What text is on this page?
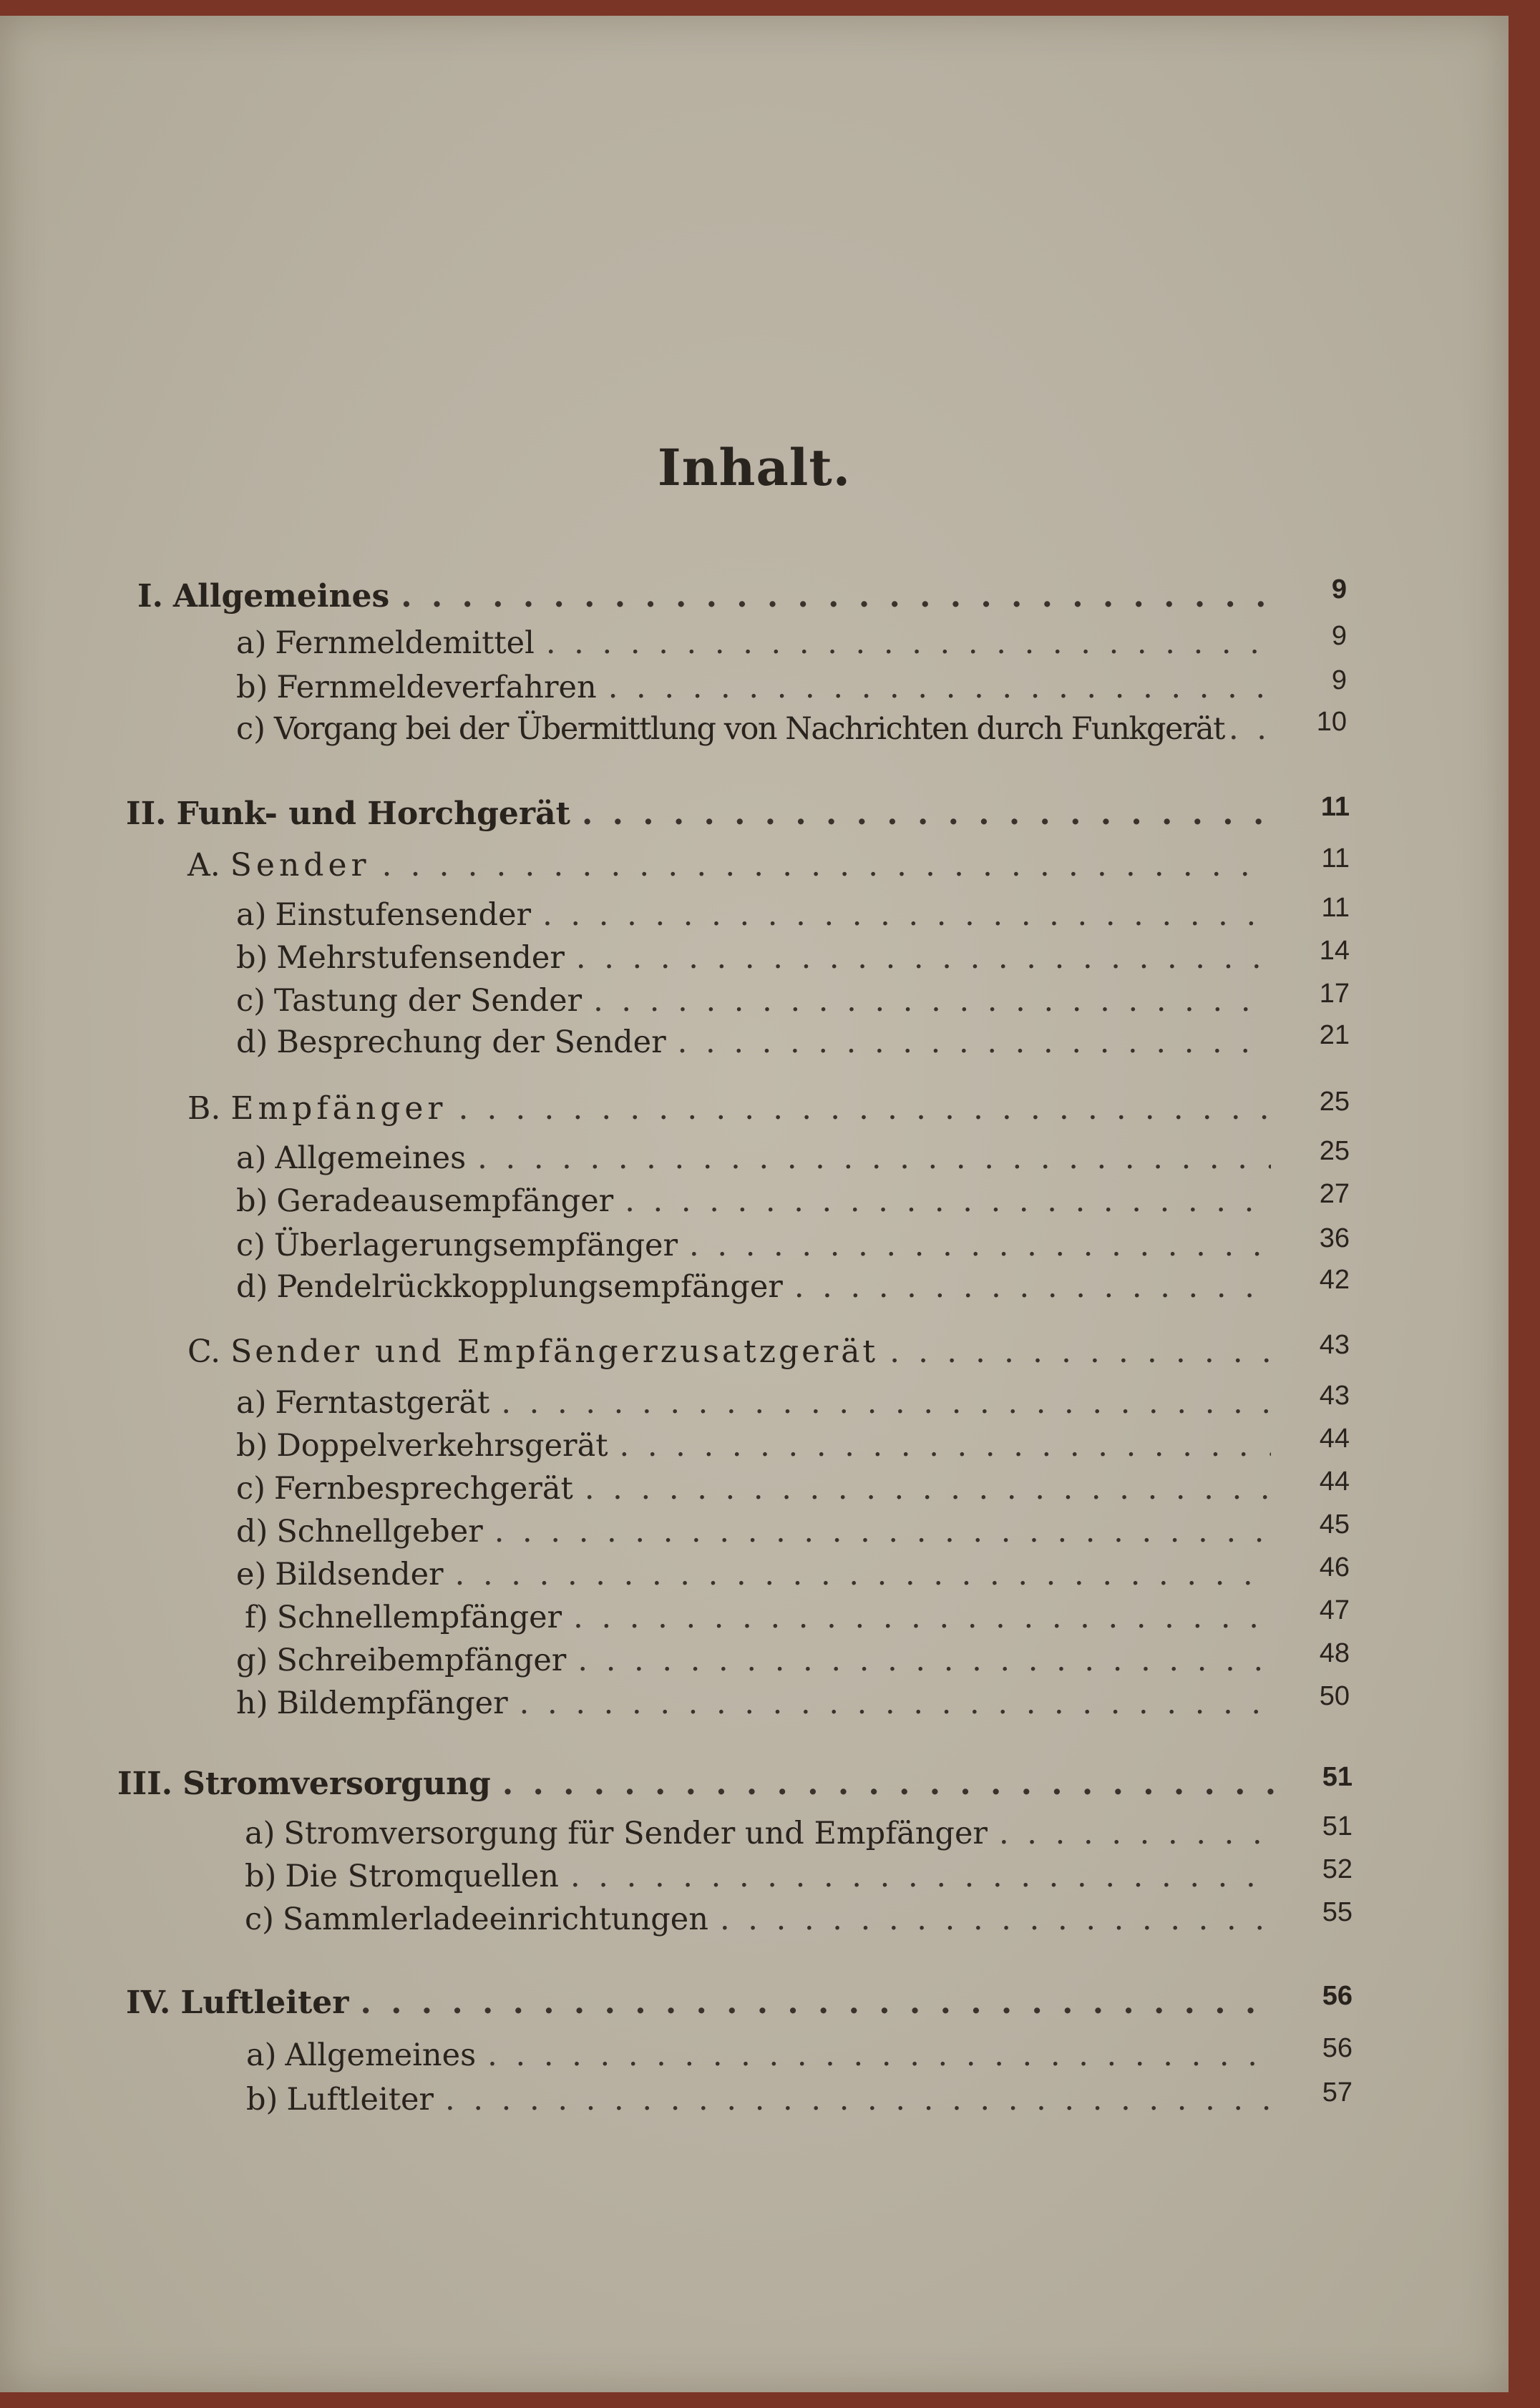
Inhalt.
I. Allgemeines . . .	9
a) Fernmeldemittel . . .	9
b) Fernmeldeverfahren . . .	9
c) Vorgang bei der Übermittlung von Nachrichten durch Funkgerät . . .	10
II. Funk- und Horchgerät . . .	11
A. Sender . . .	11
a) Einstufensender . . .	11
b) Mehrstufensender . . .	14
c) Tastung der Sender . . .	17
d) Besprechung der Sender . . .	21
B. Empfänger . . .	25
a) Allgemeines . . .	25
b) Geradeausempfänger . . .	27
c) Überlagerungsempfänger . . .	36
d) Pendelrückkopplungsempfänger . . .	42
C. Sender und Empfängerzusatzgerät . . .	43
a) Ferntastgerät . . .	43
b) Doppelverkehrsgerät . . .	44
c) Fernbesprechgerät . . .	44
d) Schnellgeber . . .	45
e) Bildsender . . .	46
f) Schnellempfänger . . .	47
g) Schreibempfänger . . .	48
h) Bildempfänger . . .	50
III. Stromversorgung . . .	51
a) Stromversorgung für Sender und Empfänger . . .	51
b) Die Stromquellen . . .	52
c) Sammlerladeeinrichtungen . . .	55
IV. Luftleiter . . .	56
a) Allgemeines . . .	56
b) Luftleiter . . .	57
